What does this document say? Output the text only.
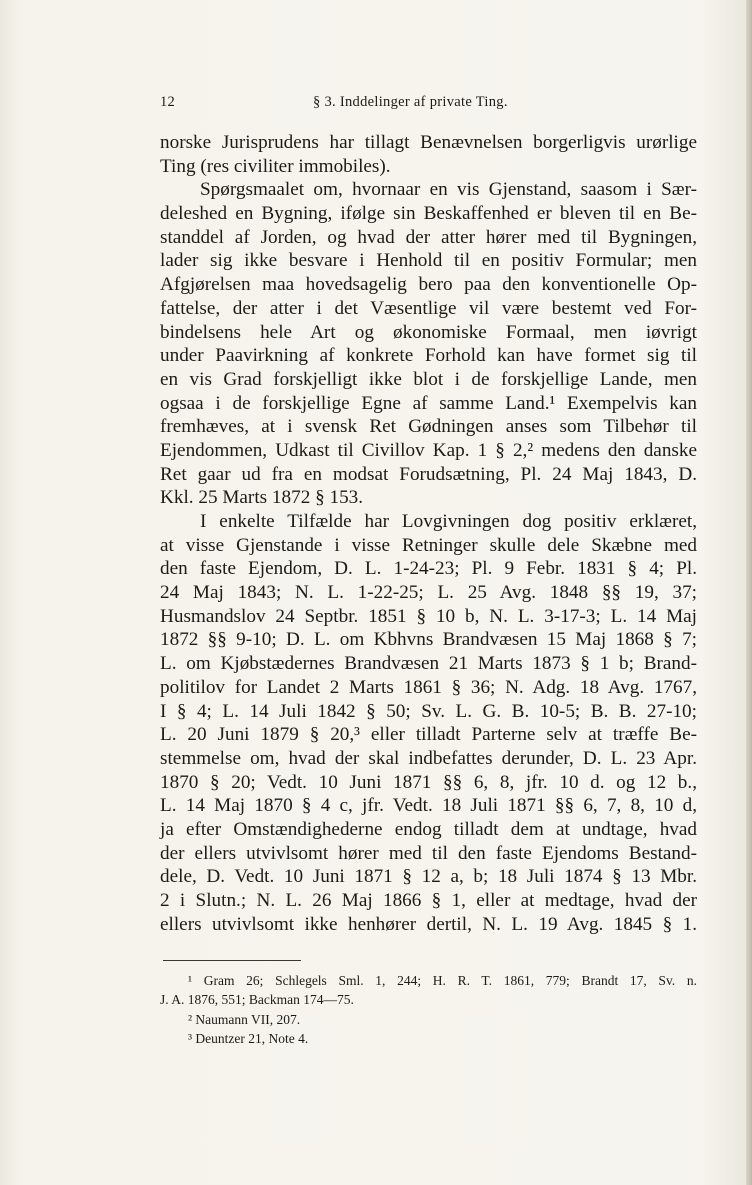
12	§ 3. Inddelinger af private Ting.
norske Jurisprudens har tillagt Benævnelsen borgerligvis urørlige
Ting (res civiliter immobiles).
Spørgsmaalet om, hvornaar en vis Gjenstand, saasom i Sær-
deleshed en Bygning, ifølge sin Beskaffenhed er bleven til en Be-
standdel af Jorden, og hvad der atter hører med til Bygningen,
lader sig ikke besvare i Henhold til en positiv Formular; men
Afgjørelsen maa hovedsagelig bero paa den konventionelle Op-
fattelse, der atter i det Væsentlige vil være bestemt ved For-
bindelsens hele Art og økonomiske Formaal, men iøvrigt
under Paavirkning af konkrete Forhold kan have formet sig til
en vis Grad forskjelligt ikke blot i de forskjellige Lande, men
ogsaa i de forskjellige Egne af samme Land.¹ Exempelvis kan
fremhæves, at i svensk Ret Gødningen anses som Tilbehør til
Ejendommen, Udkast til Civillov Kap. 1 § 2,² medens den danske
Ret gaar ud fra en modsat Forudsætning, Pl. 24 Maj 1843, D.
Kkl. 25 Marts 1872 § 153.
I enkelte Tilfælde har Lovgivningen dog positiv erklæret,
at visse Gjenstande i visse Retninger skulle dele Skæbne med
den faste Ejendom, D. L. 1-24-23; Pl. 9 Febr. 1831 § 4; Pl.
24 Maj 1843; N. L. 1-22-25; L. 25 Avg. 1848 §§ 19, 37;
Husmandslov 24 Septbr. 1851 § 10 b, N. L. 3-17-3; L. 14 Maj
1872 §§ 9-10; D. L. om Kbhvns Brandvæsen 15 Maj 1868 § 7;
L. om Kjøbstædernes Brandvæsen 21 Marts 1873 § 1 b; Brand-
politilov for Landet 2 Marts 1861 § 36; N. Adg. 18 Avg. 1767,
I § 4; L. 14 Juli 1842 § 50; Sv. L. G. B. 10-5; B. B. 27-10;
L. 20 Juni 1879 § 20,³ eller tilladt Parterne selv at træffe Be-
stemmelse om, hvad der skal indbefattes derunder, D. L. 23 Apr.
1870 § 20; Vedt. 10 Juni 1871 §§ 6, 8, jfr. 10 d. og 12 b.,
L. 14 Maj 1870 § 4 c, jfr. Vedt. 18 Juli 1871 §§ 6, 7, 8, 10 d,
ja efter Omstændighederne endog tilladt dem at undtage, hvad
der ellers utvivlsomt hører med til den faste Ejendoms Bestand-
dele, D. Vedt. 10 Juni 1871 § 12 a, b; 18 Juli 1874 § 13 Mbr.
2 i Slutn.; N. L. 26 Maj 1866 § 1, eller at medtage, hvad der
ellers utvivlsomt ikke henhører dertil, N. L. 19 Avg. 1845 § 1.
¹ Gram 26; Schlegels Sml. 1, 244; H. R. T. 1861, 779; Brandt 17, Sv. n.
J. A. 1876, 551; Backman 174—75.
² Naumann VII, 207.
³ Deuntzer 21, Note 4.
